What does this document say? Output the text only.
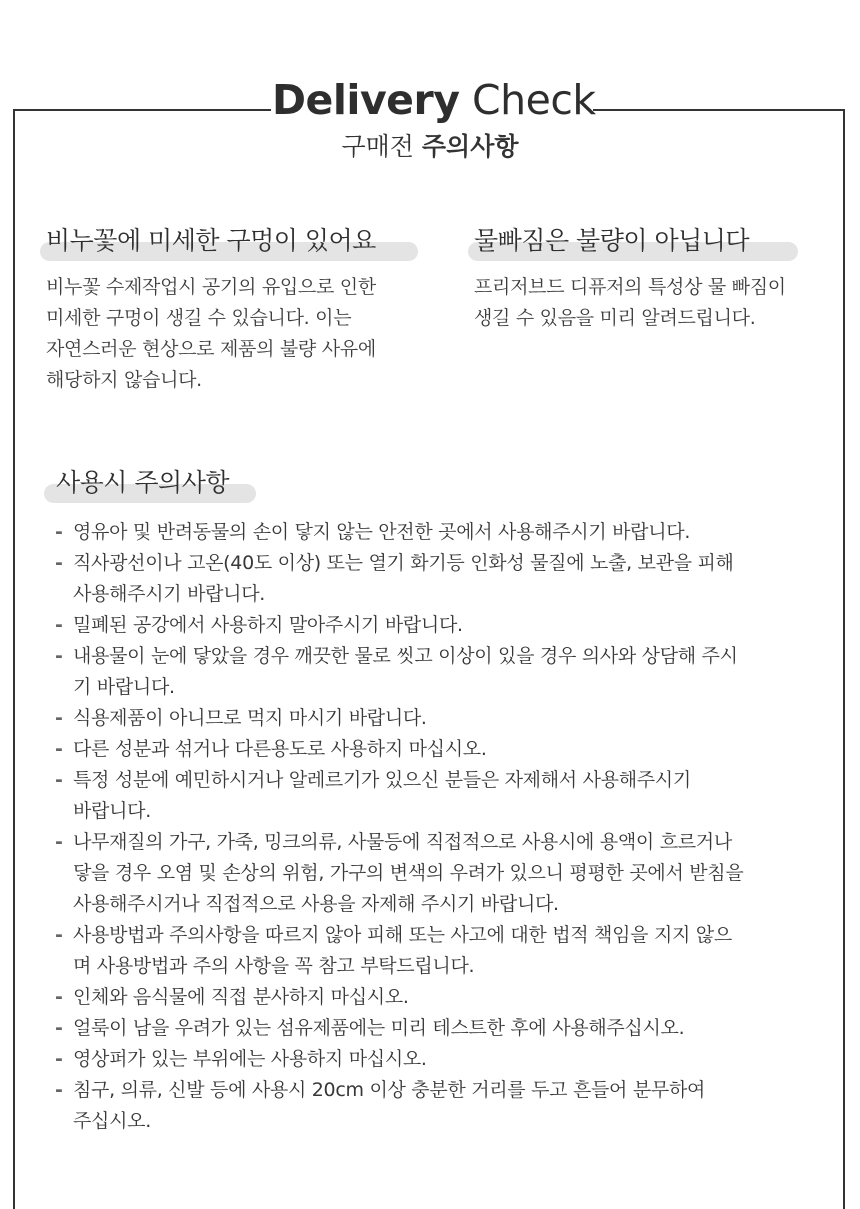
Delivery Check
구매전 주의사항
비누꽃에 미세한 구멍이 있어요
비누꽃 수제작업시 공기의 유입으로 인한
미세한 구멍이 생길 수 있습니다. 이는
자연스러운 현상으로 제품의 불량 사유에
해당하지 않습니다.
물빠짐은 불량이 아닙니다
프리저브드 디퓨저의 특성상 물 빠짐이
생길 수 있음을 미리 알려드립니다.
사용시 주의사항
- 영유아 및 반려동물의 손이 닿지 않는 안전한 곳에서 사용해주시기 바랍니다.
- 직사광선이나 고온(40도 이상) 또는 열기 화기등 인화성 물질에 노출, 보관을 피해
사용해주시기 바랍니다.
- 밀폐된 공강에서 사용하지 말아주시기 바랍니다.
- 내용물이 눈에 닿았을 경우 깨끗한 물로 씻고 이상이 있을 경우 의사와 상담해 주시
기 바랍니다.
- 식용제품이 아니므로 먹지 마시기 바랍니다.
- 다른 성분과 섞거나 다른용도로 사용하지 마십시오.
- 특정 성분에 예민하시거나 알레르기가 있으신 분들은 자제해서 사용해주시기
바랍니다.
- 나무재질의 가구, 가죽, 밍크의류, 사물등에 직접적으로 사용시에 용액이 흐르거나
닿을 경우 오염 및 손상의 위험, 가구의 변색의 우려가 있으니 평평한 곳에서 받침을
사용해주시거나 직접적으로 사용을 자제해 주시기 바랍니다.
- 사용방법과 주의사항을 따르지 않아 피해 또는 사고에 대한 법적 책임을 지지 않으
며 사용방법과 주의 사항을 꼭 참고 부탁드립니다.
- 인체와 음식물에 직접 분사하지 마십시오.
- 얼룩이 남을 우려가 있는 섬유제품에는 미리 테스트한 후에 사용해주십시오.
- 영상퍼가 있는 부위에는 사용하지 마십시오.
- 침구, 의류, 신발 등에 사용시 20cm 이상 충분한 거리를 두고 흔들어 분무하여
주십시오.
